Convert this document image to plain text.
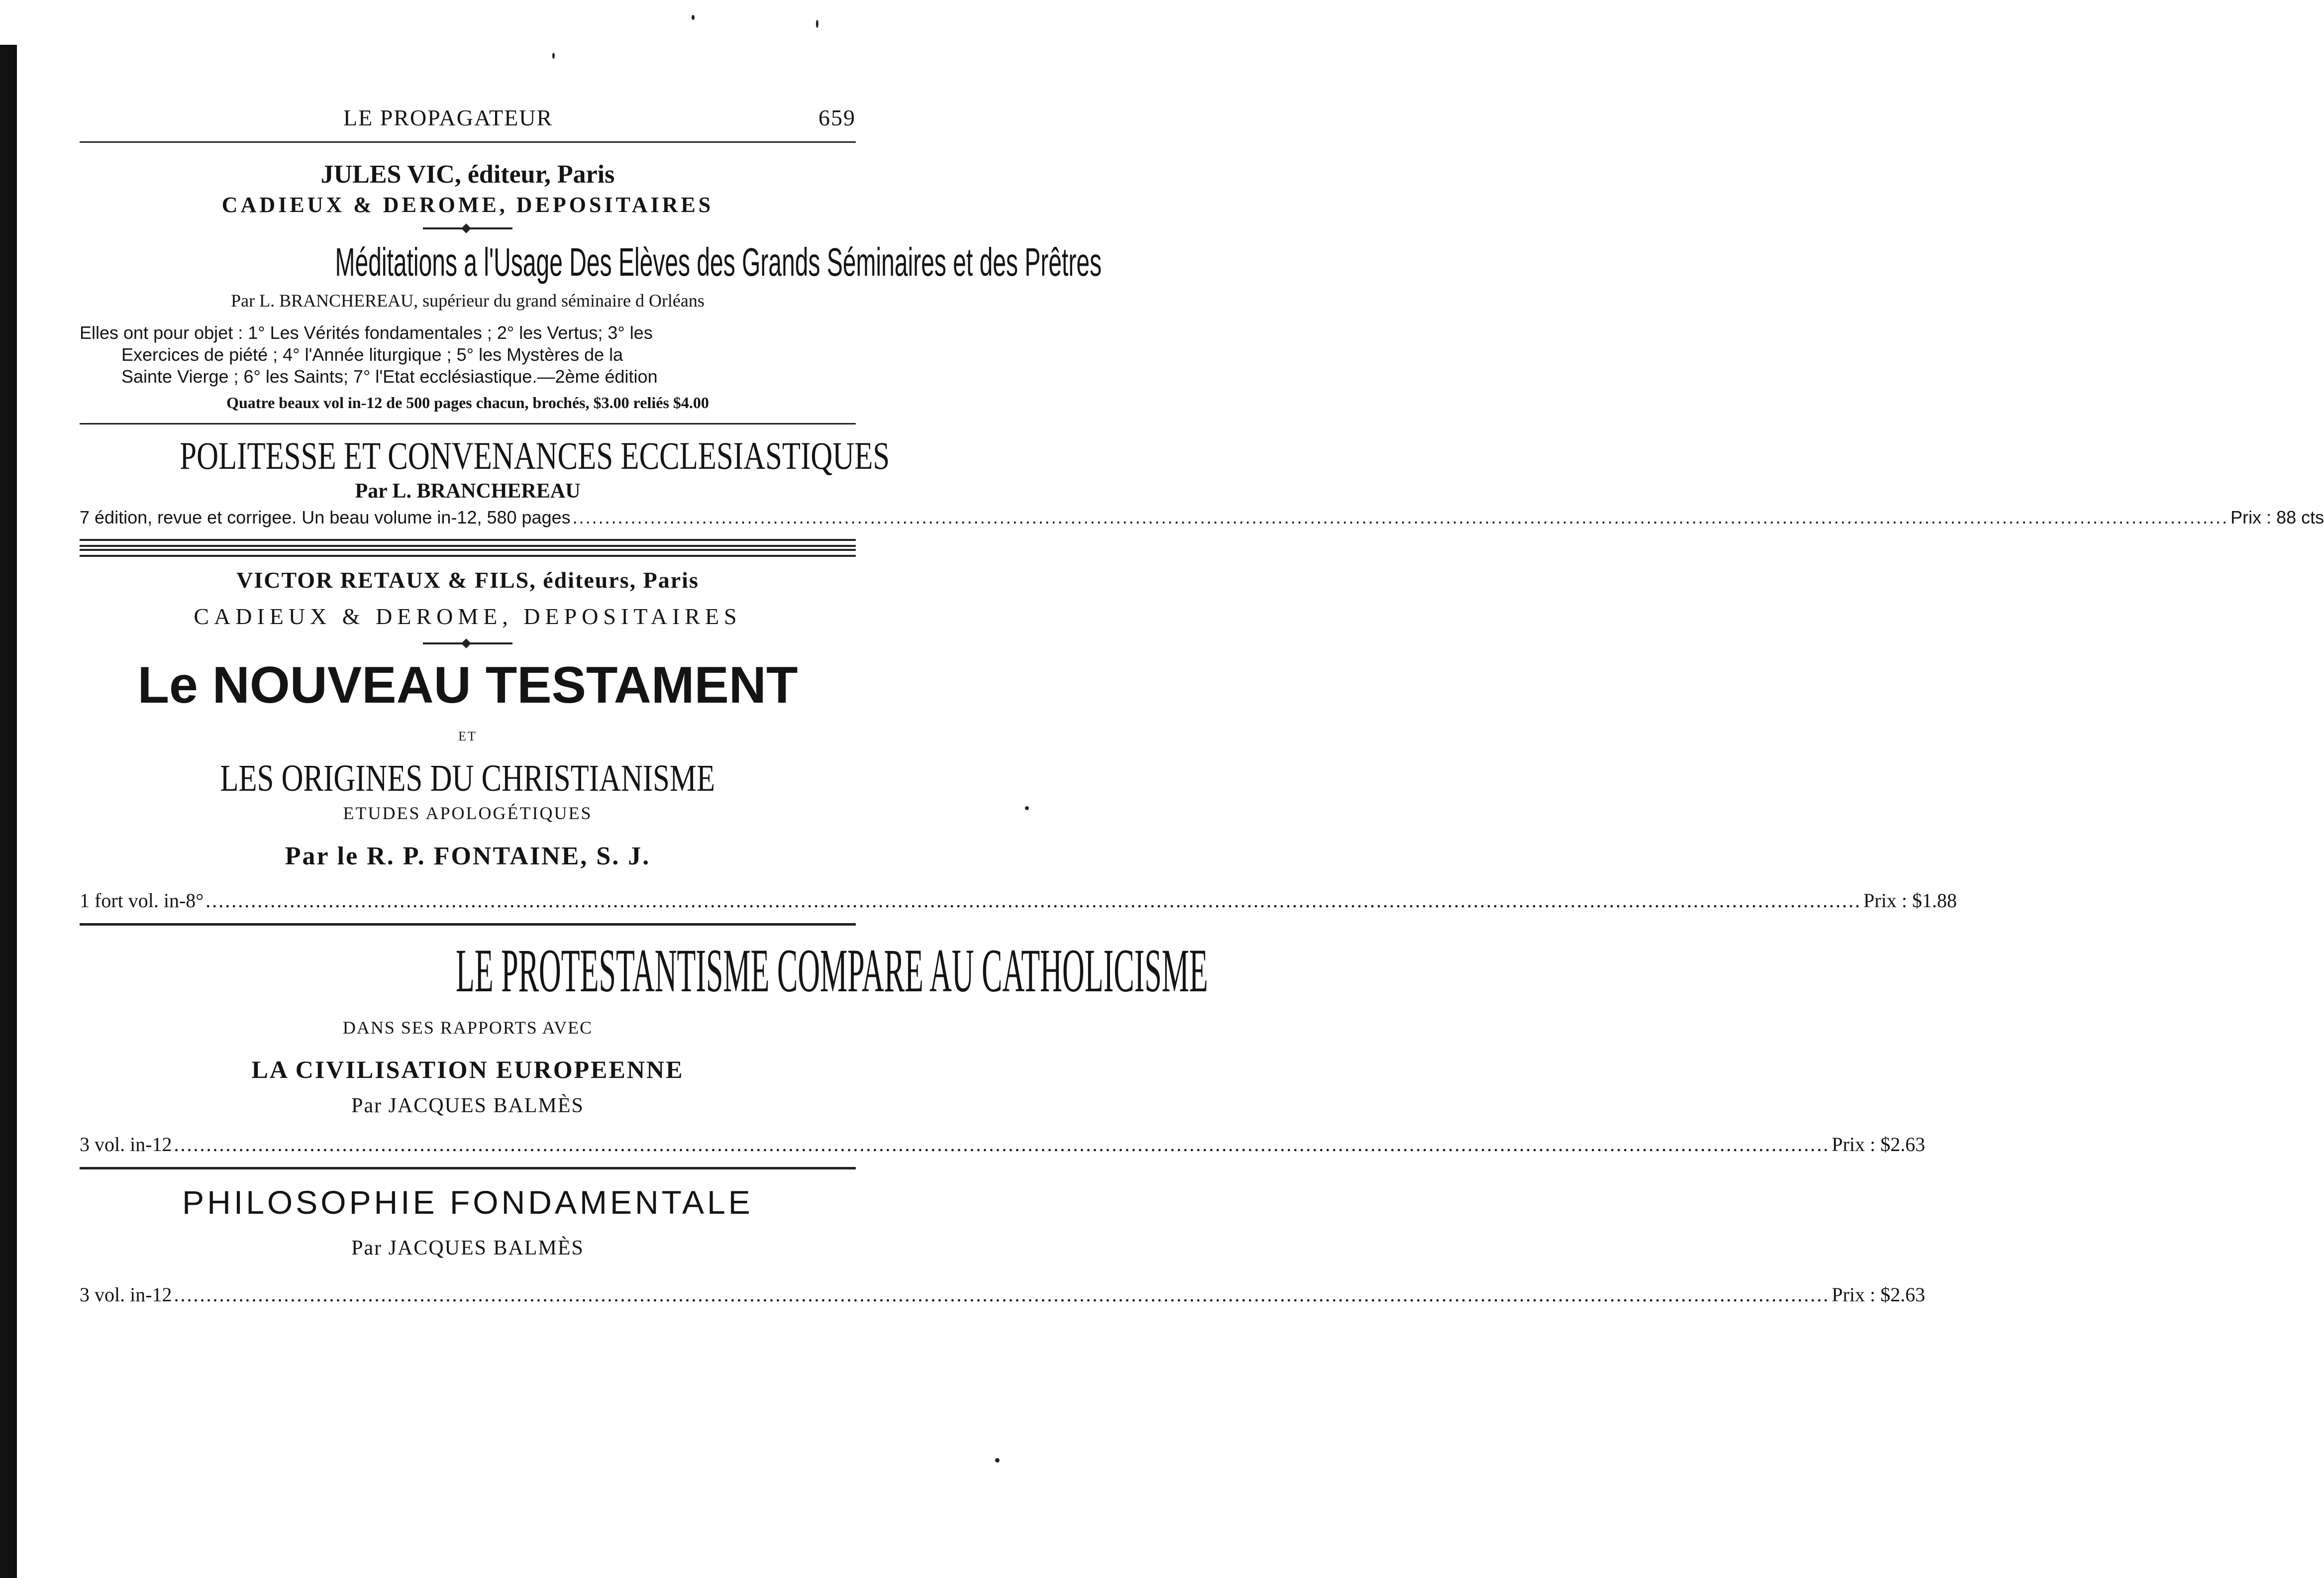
LE PROPAGATEUR	659
JULES VIC, éditeur, Paris
CADIEUX & DEROME, DEPOSITAIRES
Méditations a l'Usage Des Elèves des Grands Séminaires et des Prêtres
Par L. BRANCHEREAU, supérieur du grand séminaire d Orléans
Elles ont pour objet : 1° Les Vérités fondamentales ; 2° les Vertus; 3° les
Exercices de piété ; 4° l'Année liturgique ; 5° les Mystères de la
Sainte Vierge ; 6° les Saints; 7° l'Etat ecclésiastique.—2ème édition
Quatre beaux vol in-12 de 500 pages chacun, brochés, $3.00 reliés $4.00
POLITESSE ET CONVENANCES ECCLESIASTIQUES
Par L. BRANCHEREAU
7 édition, revue et corrigee. Un beau volume in-12, 580 pages .....	Prix : 88 cts
VICTOR RETAUX & FILS, éditeurs, Paris
CADIEUX & DEROME, DEPOSITAIRES
Le NOUVEAU TESTAMENT
ET
LES ORIGINES DU CHRISTIANISME
ETUDES APOLOGÉTIQUES
Par le R. P. FONTAINE, S. J.
1 fort vol. in-8° .....	Prix : $1.88
LE PROTESTANTISME COMPARE AU CATHOLICISME
DANS SES RAPPORTS AVEC
LA CIVILISATION EUROPEENNE
Par JACQUES BALMÈS
3 vol. in-12 .....	Prix : $2.63
PHILOSOPHIE FONDAMENTALE
Par JACQUES BALMÈS
3 vol. in-12 .....	Prix : $2.63
